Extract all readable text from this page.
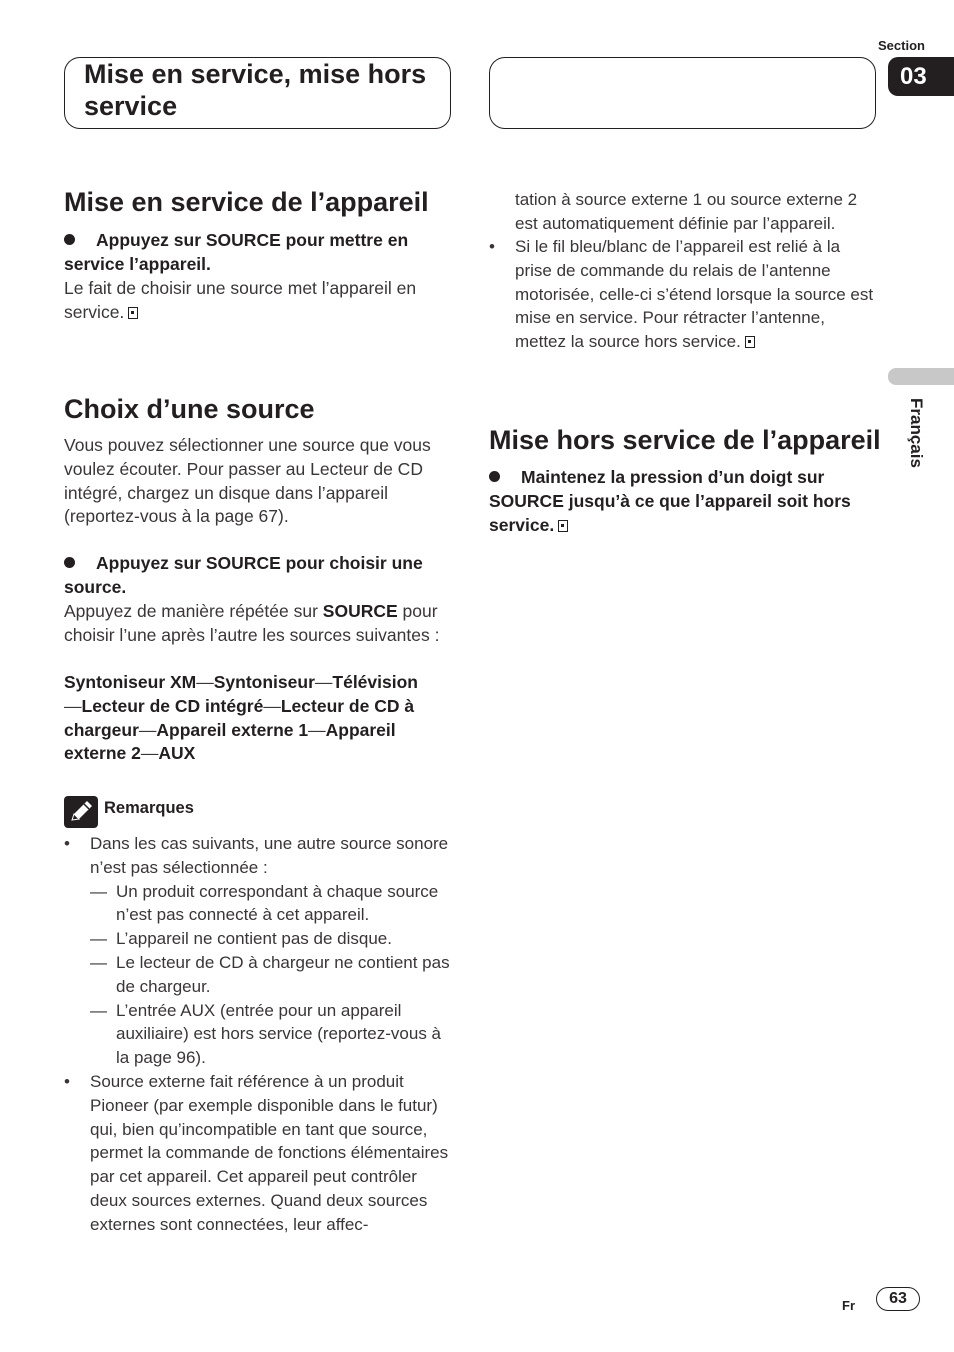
Mise en service, mise hors service
Section
03
Français
Mise en service de l’appareil
Appuyez sur SOURCE pour mettre en service l’appareil.
Le fait de choisir une source met l’appareil en service.
Choix d’une source
Vous pouvez sélectionner une source que vous voulez écouter. Pour passer au Lecteur de CD intégré, chargez un disque dans l’appareil (reportez-vous à la page 67).
Appuyez sur SOURCE pour choisir une source.
Appuyez de manière répétée sur SOURCE pour choisir l’une après l’autre les sources suivantes :
Syntoniseur XM—Syntoniseur—Télévision
—Lecteur de CD intégré—Lecteur de CD à chargeur—Appareil externe 1—Appareil externe 2—AUX
Remarques
• Dans les cas suivants, une autre source sonore n’est pas sélectionnée :
— Un produit correspondant à chaque source n’est pas connecté à cet appareil.
— L’appareil ne contient pas de disque.
— Le lecteur de CD à chargeur ne contient pas de chargeur.
— L’entrée AUX (entrée pour un appareil auxiliaire) est hors service (reportez-vous à la page 96).
• Source externe fait référence à un produit Pioneer (par exemple disponible dans le futur) qui, bien qu’incompatible en tant que source, permet la commande de fonctions élémentaires par cet appareil. Cet appareil peut contrôler deux sources externes. Quand deux sources externes sont connectées, leur affec-
tation à source externe 1 ou source externe 2 est automatiquement définie par l’appareil.
• Si le fil bleu/blanc de l’appareil est relié à la prise de commande du relais de l’antenne motorisée, celle-ci s’étend lorsque la source est mise en service. Pour rétracter l’antenne, mettez la source hors service.
Mise hors service de l’appareil
Maintenez la pression d’un doigt sur SOURCE jusqu’à ce que l’appareil soit hors service.
Fr	63
